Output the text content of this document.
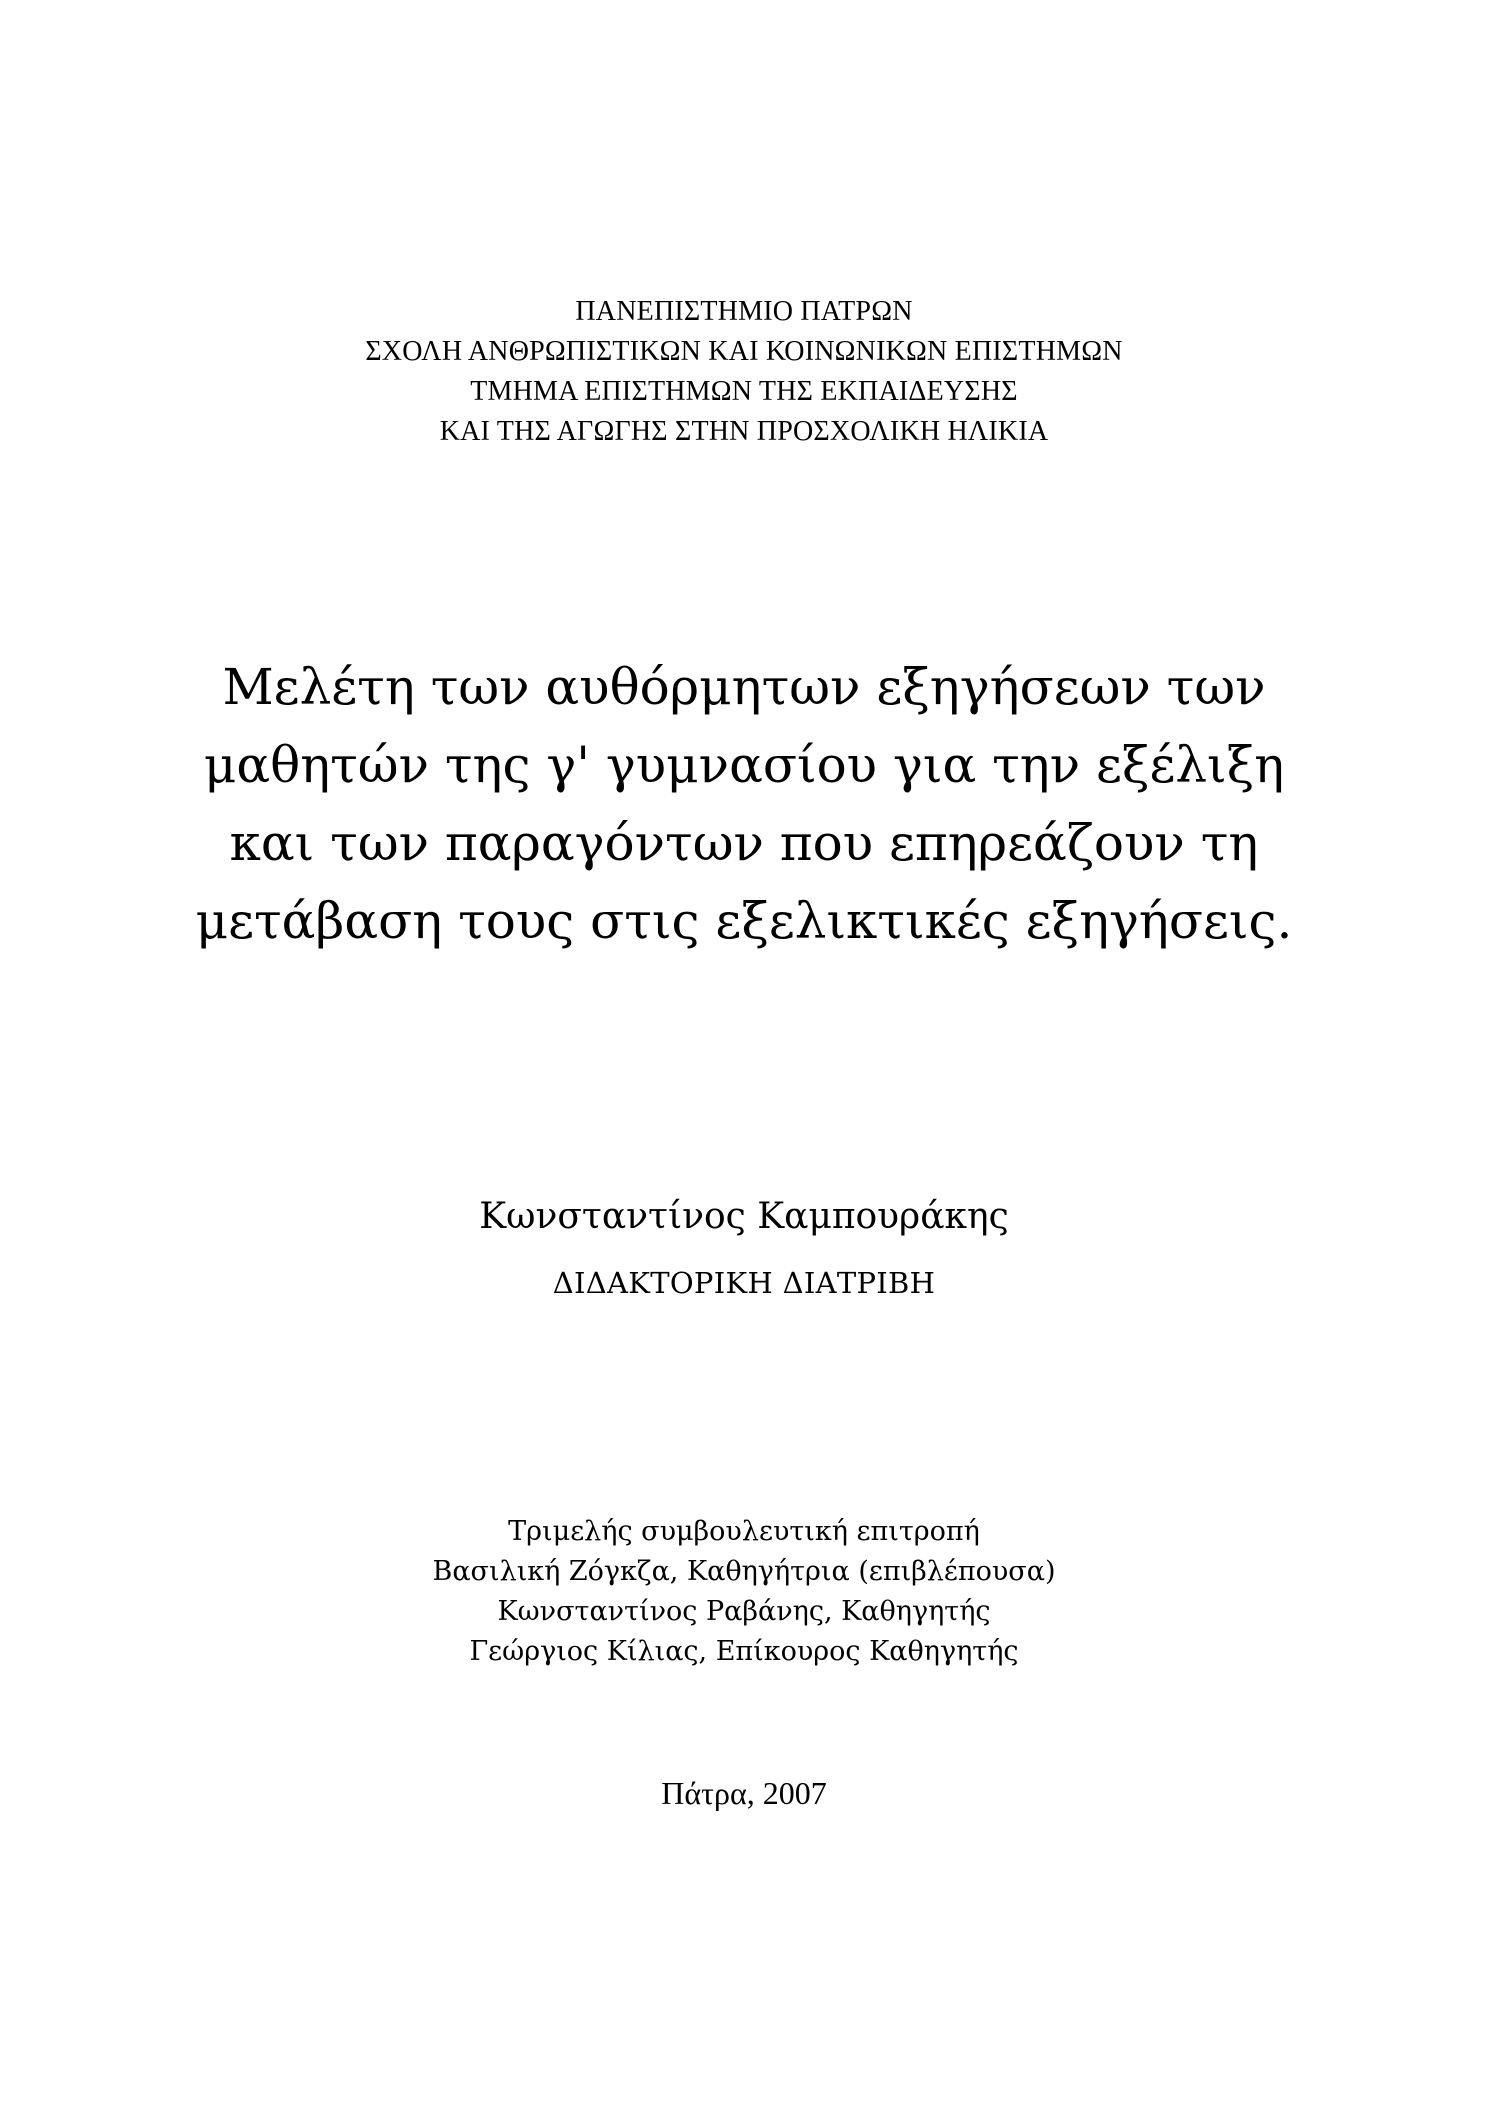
ΠΑΝΕΠΙΣΤΗΜΙΟ ΠΑΤΡΩΝ
ΣΧΟΛΗ ΑΝΘΡΩΠΙΣΤΙΚΩΝ ΚΑΙ ΚΟΙΝΩΝΙΚΩΝ ΕΠΙΣΤΗΜΩΝ
ΤΜΗΜΑ ΕΠΙΣΤΗΜΩΝ ΤΗΣ ΕΚΠΑΙΔΕΥΣΗΣ
ΚΑΙ ΤΗΣ ΑΓΩΓΗΣ ΣΤΗΝ ΠΡΟΣΧΟΛΙΚΗ ΗΛΙΚΙΑ
Μελέτη των αυθόρμητων εξηγήσεων των
μαθητών της γ' γυμνασίου για την εξέλιξη
και των παραγόντων που επηρεάζουν τη
μετάβαση τους στις εξελικτικές εξηγήσεις.
Κωνσταντίνος Καμπουράκης
ΔΙΔΑΚΤΟΡΙΚΗ ΔΙΑΤΡΙΒΗ
Τριμελής συμβουλευτική επιτροπή
Βασιλική Ζόγκζα, Καθηγήτρια (επιβλέπουσα)
Κωνσταντίνος Ραβάνης, Καθηγητής
Γεώργιος Κίλιας, Επίκουρος Καθηγητής
Πάτρα, 2007
